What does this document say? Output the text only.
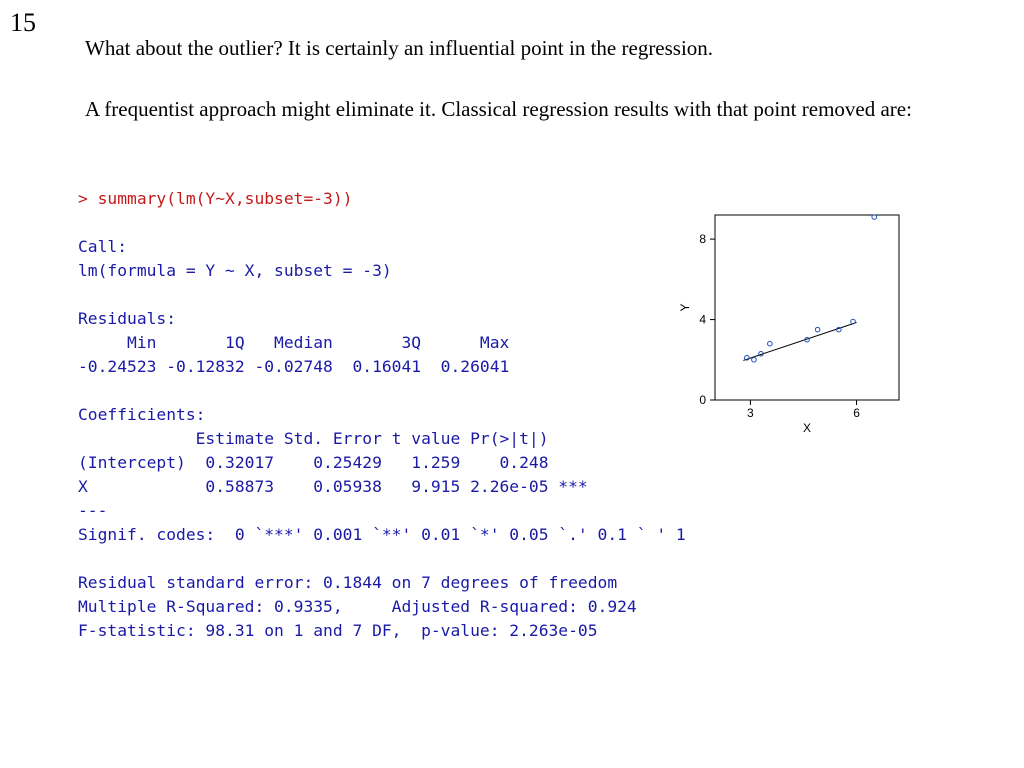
15

What about the outlier? It is certainly an influential point in the regression.

A frequentist approach might eliminate it. Classical regression results with that point removed are:

> summary(lm(Y~X,subset=-3))
Call:
lm(formula = Y ~ X, subset = -3)
Residuals:
Min       1Q   Median       3Q      Max
-0.24523 -0.12832 -0.02748  0.16041  0.26041
Coefficients:
Estimate Std. Error t value Pr(>|t|)
(Intercept)  0.32017    0.25429   1.259    0.248
X            0.58873    0.05938   9.915 2.26e-05 ***
---
Signif. codes:  0 `***' 0.001 `**' 0.01 `*' 0.05 `.' 0.1 ` ' 1
Residual standard error: 0.1844 on 7 degrees of freedom
Multiple R-Squared: 0.9335,     Adjusted R-squared: 0.924
F-statistic: 98.31 on 1 and 7 DF,  p-value: 2.263e-05
3	6
0
4
8
X
Y
